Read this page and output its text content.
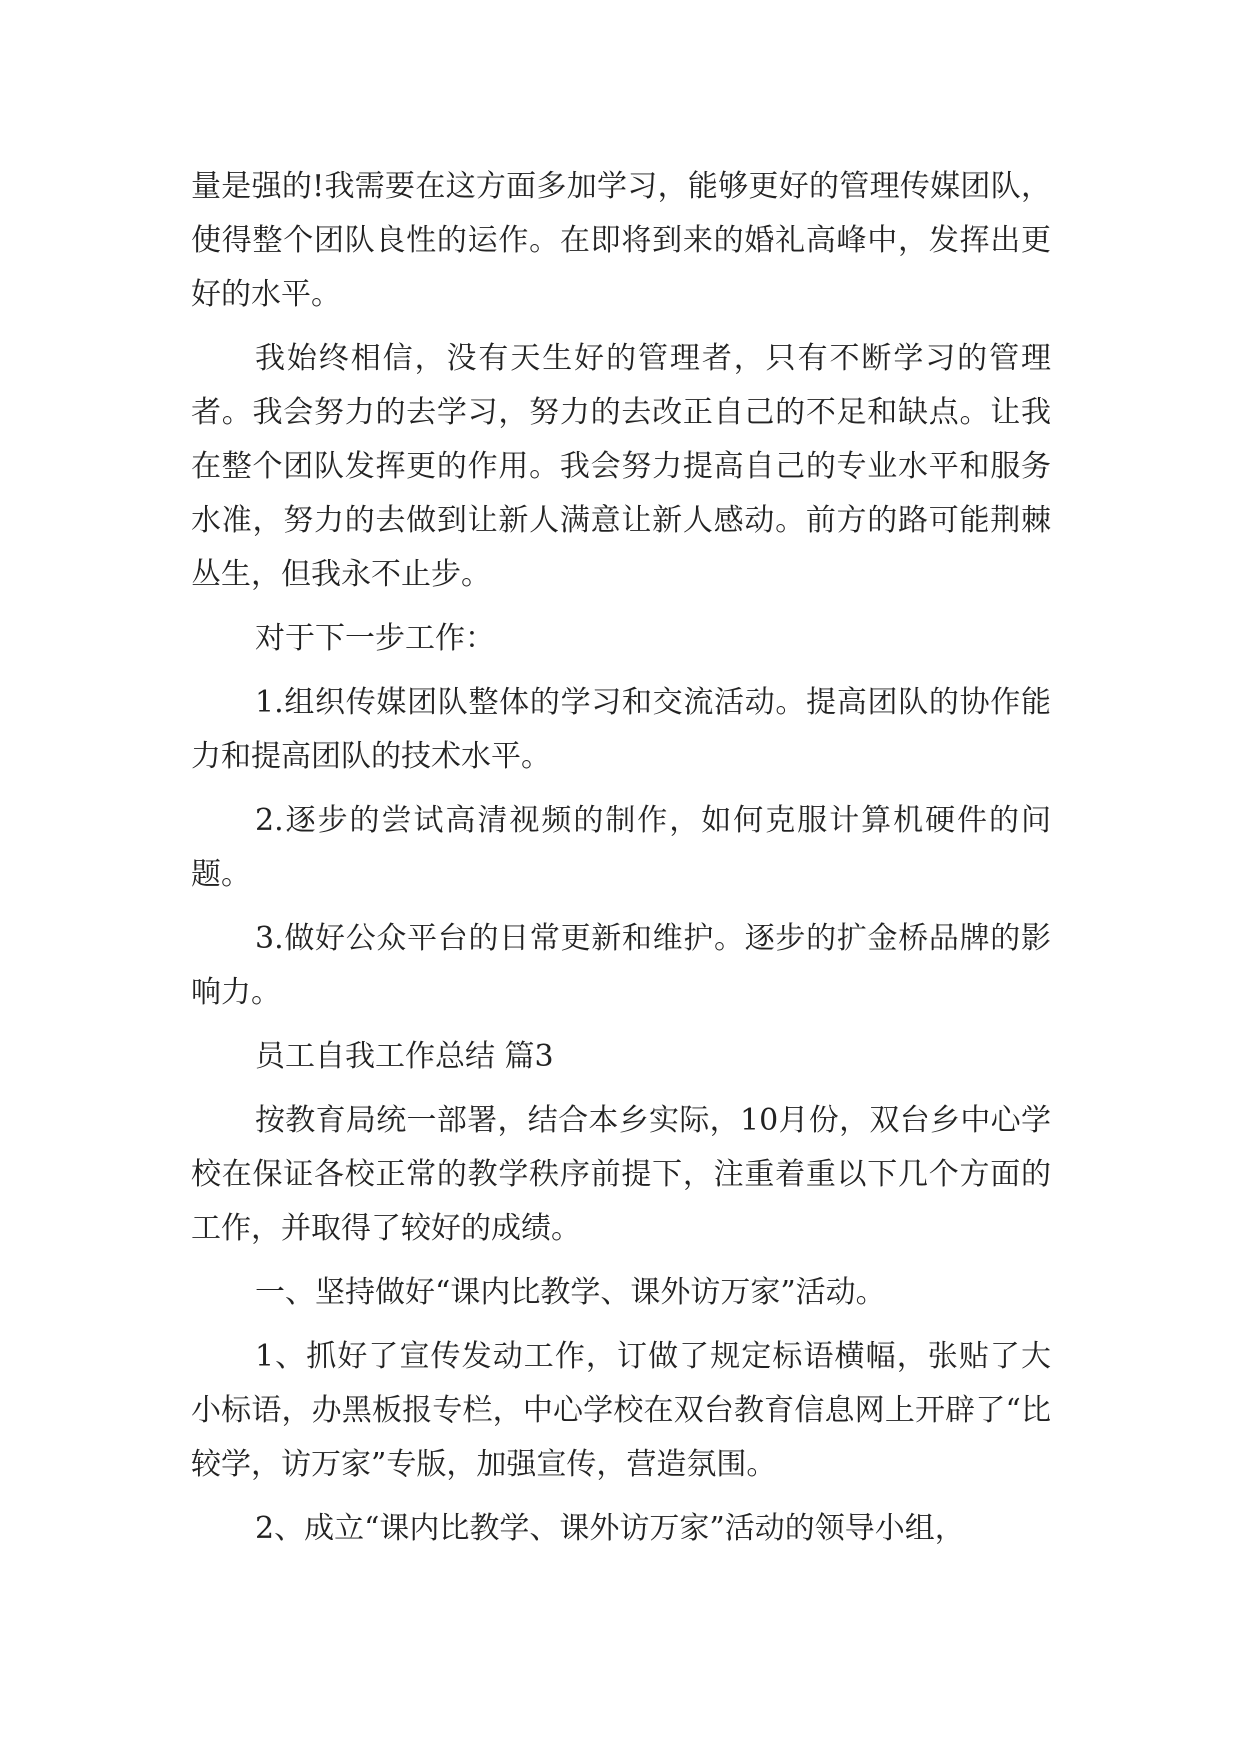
量是强的!我需要在这方面多加学习，能够更好的管理传媒团队，使得整个团队良性的运作。在即将到来的婚礼高峰中，发挥出更好的水平。

我始终相信，没有天生好的管理者，只有不断学习的管理者。我会努力的去学习，努力的去改正自己的不足和缺点。让我在整个团队发挥更的作用。我会努力提高自己的专业水平和服务水准，努力的去做到让新人满意让新人感动。前方的路可能荆棘丛生，但我永不止步。

对于下一步工作：

1.组织传媒团队整体的学习和交流活动。提高团队的协作能力和提高团队的技术水平。

2.逐步的尝试高清视频的制作，如何克服计算机硬件的问题。

3.做好公众平台的日常更新和维护。逐步的扩金桥品牌的影响力。

员工自我工作总结 篇3

按教育局统一部署，结合本乡实际，10月份，双台乡中心学校在保证各校正常的教学秩序前提下，注重着重以下几个方面的工作，并取得了较好的成绩。

一、坚持做好“课内比教学、课外访万家”活动。

1、抓好了宣传发动工作，订做了规定标语横幅，张贴了大小标语，办黑板报专栏，中心学校在双台教育信息网上开辟了“比较学，访万家”专版，加强宣传，营造氛围。

2、成立“课内比教学、课外访万家”活动的领导小组，
